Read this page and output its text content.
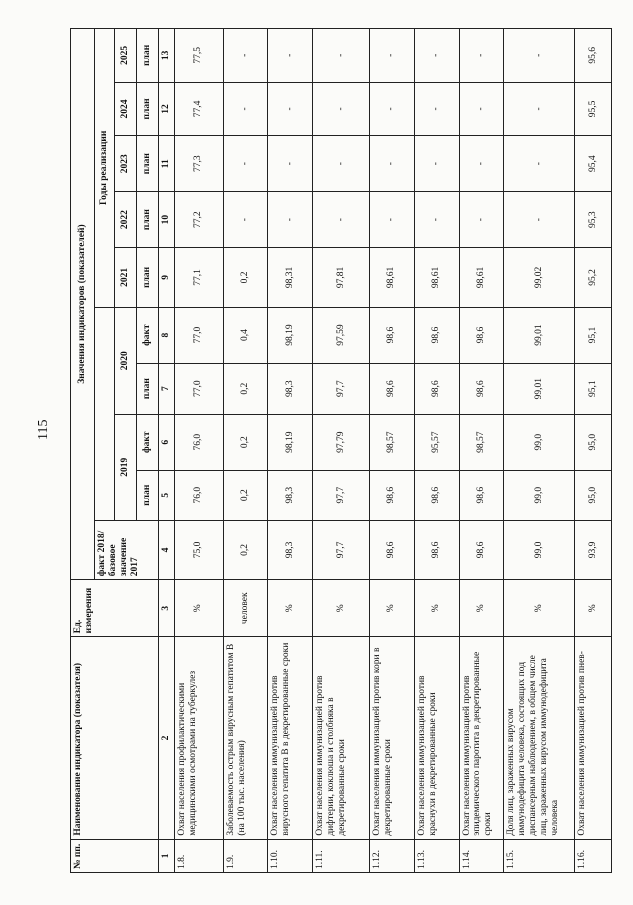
115
№ пп.	Наименование индикатора (показателя)	Ед. измерения	Значения индикаторов (показателей)									
			факт 2018/базовое значение 2017					Годы реализации				
				2019		2020		2021	2022	2023	2024	2025
				план	факт	план	факт	план	план	план	план	план
1	2	3	4	5	6	7	8	9	10	11	12	13
1.8.	Охват населения профилактическими медицинскими осмотрами на туберкулез	%	75,0	76,0	76,0	77,0	77,0	77,1	77,2	77,3	77,4	77,5
1.9.	Заболеваемость острым вирусным гепатитом В (на 100 тыс. населения)	человек	0,2	0,2	0,2	0,2	0,4	0,2	-	-	-	-
1.10.	Охват населения иммунизацией против вирусного гепатита В в декретированные сроки	%	98,3	98,3	98,19	98,3	98,19	98,31	-	-	-	-
1.11.	Охват населения иммунизацией против дифтерии, коклюша и столбняка в декретированные сроки	%	97,7	97,7	97,79	97,7	97,59	97,81	-	-	-	-
1.12.	Охват населения иммунизацией против кори в декретированные сроки	%	98,6	98,6	98,57	98,6	98,6	98,61	-	-	-	-
1.13.	Охват населения иммунизацией против краснухи в декретированные сроки	%	98,6	98,6	95,57	98,6	98,6	98,61	-	-	-	-
1.14.	Охват населения иммунизацией против эпидемического паротита в декретированные сроки	%	98,6	98,6	98,57	98,6	98,6	98,61	-	-	-	-
1.15.	Доля лиц, зараженных вирусом иммунодефицита человека, состоящих под диспансерным наблюдением, в общем числе лиц, зараженных вирусом иммунодефицита человека	%	99,0	99,0	99,0	99,01	99,01	99,02	-	-	-	-
1.16.	Охват населения иммунизацией против пнев-	%	93,9	95,0	95,0	95,1	95,1	95,2	95,3	95,4	95,5	95,6
